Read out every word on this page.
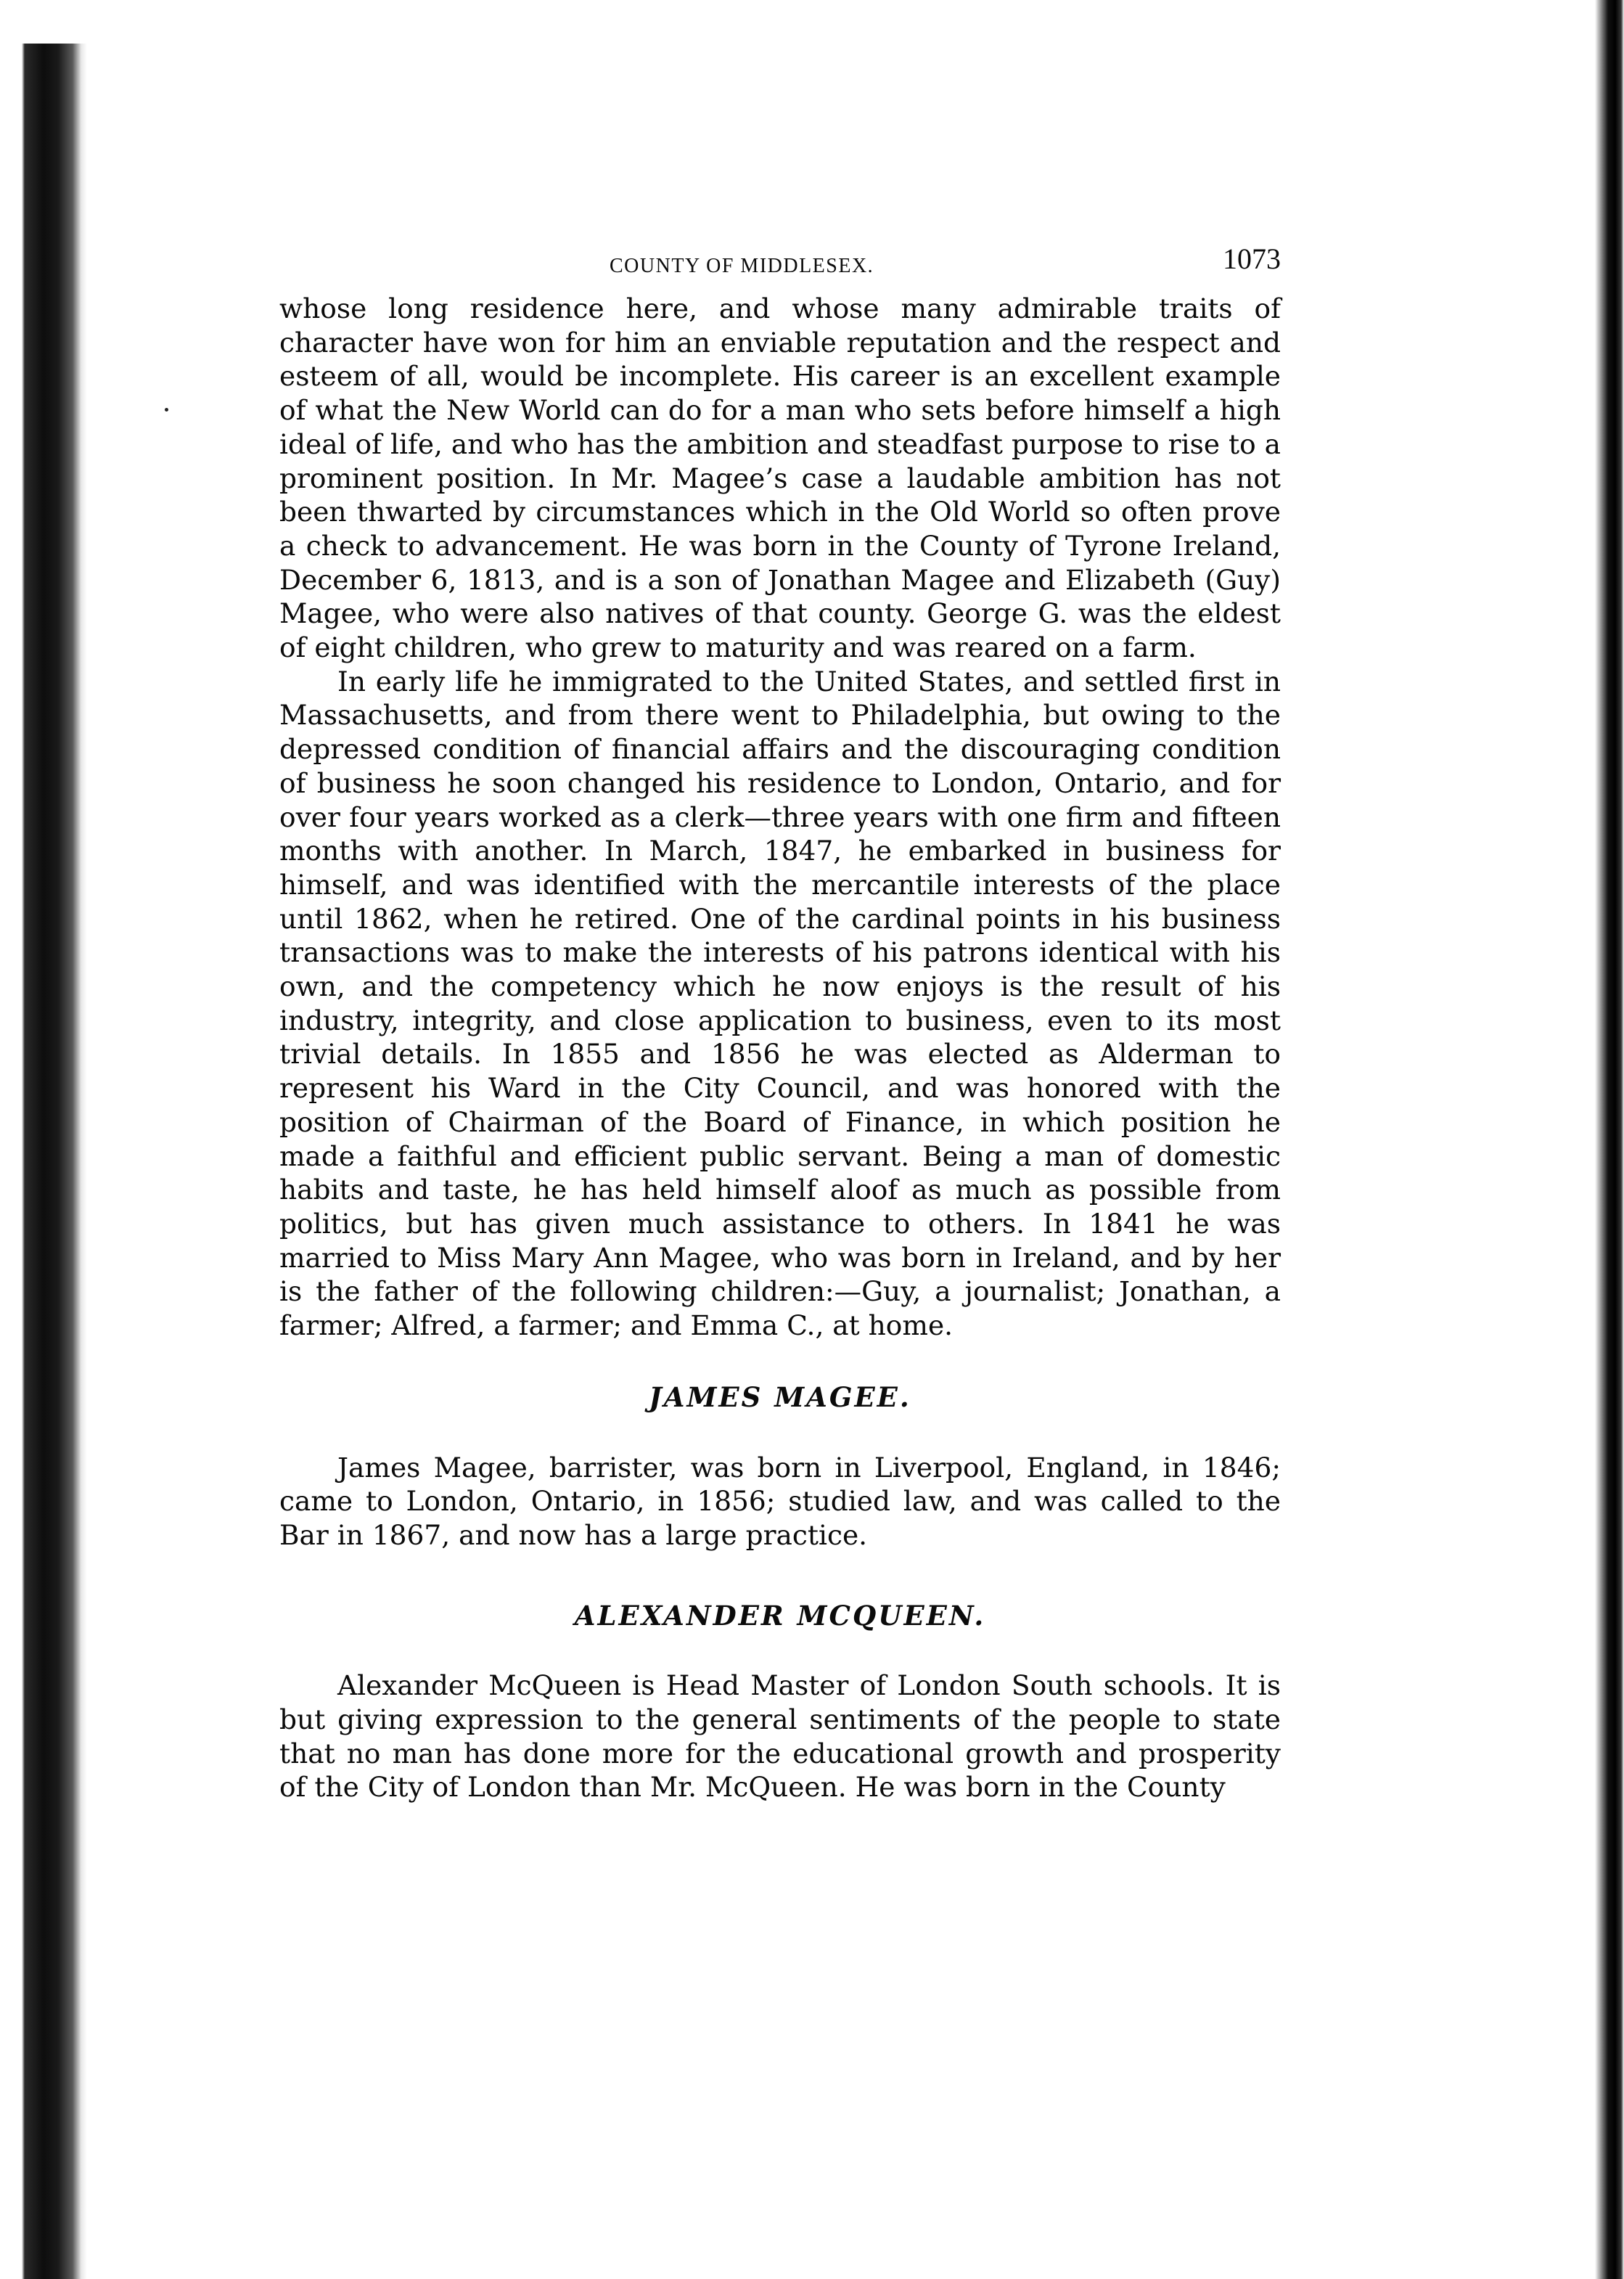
COUNTY OF MIDDLESEX.	1073

whose long residence here, and whose many admirable traits of character have won for him an enviable reputation and the respect and esteem of all, would be incomplete. His career is an excellent example of what the New World can do for a man who sets before himself a high ideal of life, and who has the ambition and steadfast purpose to rise to a prominent position. In Mr. Magee’s case a laudable ambition has not been thwarted by circumstances which in the Old World so often prove a check to advancement. He was born in the County of Tyrone Ireland, December 6, 1813, and is a son of Jonathan Magee and Elizabeth (Guy) Magee, who were also natives of that county. George G. was the eldest of eight children, who grew to maturity and was reared on a farm.

In early life he immigrated to the United States, and settled first in Massachusetts, and from there went to Philadelphia, but owing to the depressed condition of financial affairs and the discouraging condition of business he soon changed his residence to London, Ontario, and for over four years worked as a clerk—three years with one firm and fifteen months with another. In March, 1847, he embarked in business for himself, and was identified with the mercantile interests of the place until 1862, when he retired. One of the cardinal points in his business transactions was to make the interests of his patrons identical with his own, and the competency which he now enjoys is the result of his industry, integrity, and close application to business, even to its most trivial details. In 1855 and 1856 he was elected as Alderman to represent his Ward in the City Council, and was honored with the position of Chairman of the Board of Finance, in which position he made a faithful and efficient public servant. Being a man of domestic habits and taste, he has held himself aloof as much as possible from politics, but has given much assistance to others. In 1841 he was married to Miss Mary Ann Magee, who was born in Ireland, and by her is the father of the following children:—Guy, a journalist; Jonathan, a farmer; Alfred, a farmer; and Emma C., at home.

JAMES MAGEE.

James Magee, barrister, was born in Liverpool, England, in 1846; came to London, Ontario, in 1856; studied law, and was called to the Bar in 1867, and now has a large practice.

ALEXANDER MCQUEEN.

Alexander McQueen is Head Master of London South schools. It is but giving expression to the general sentiments of the people to state that no man has done more for the educational growth and prosperity of the City of London than Mr. McQueen. He was born in the County
